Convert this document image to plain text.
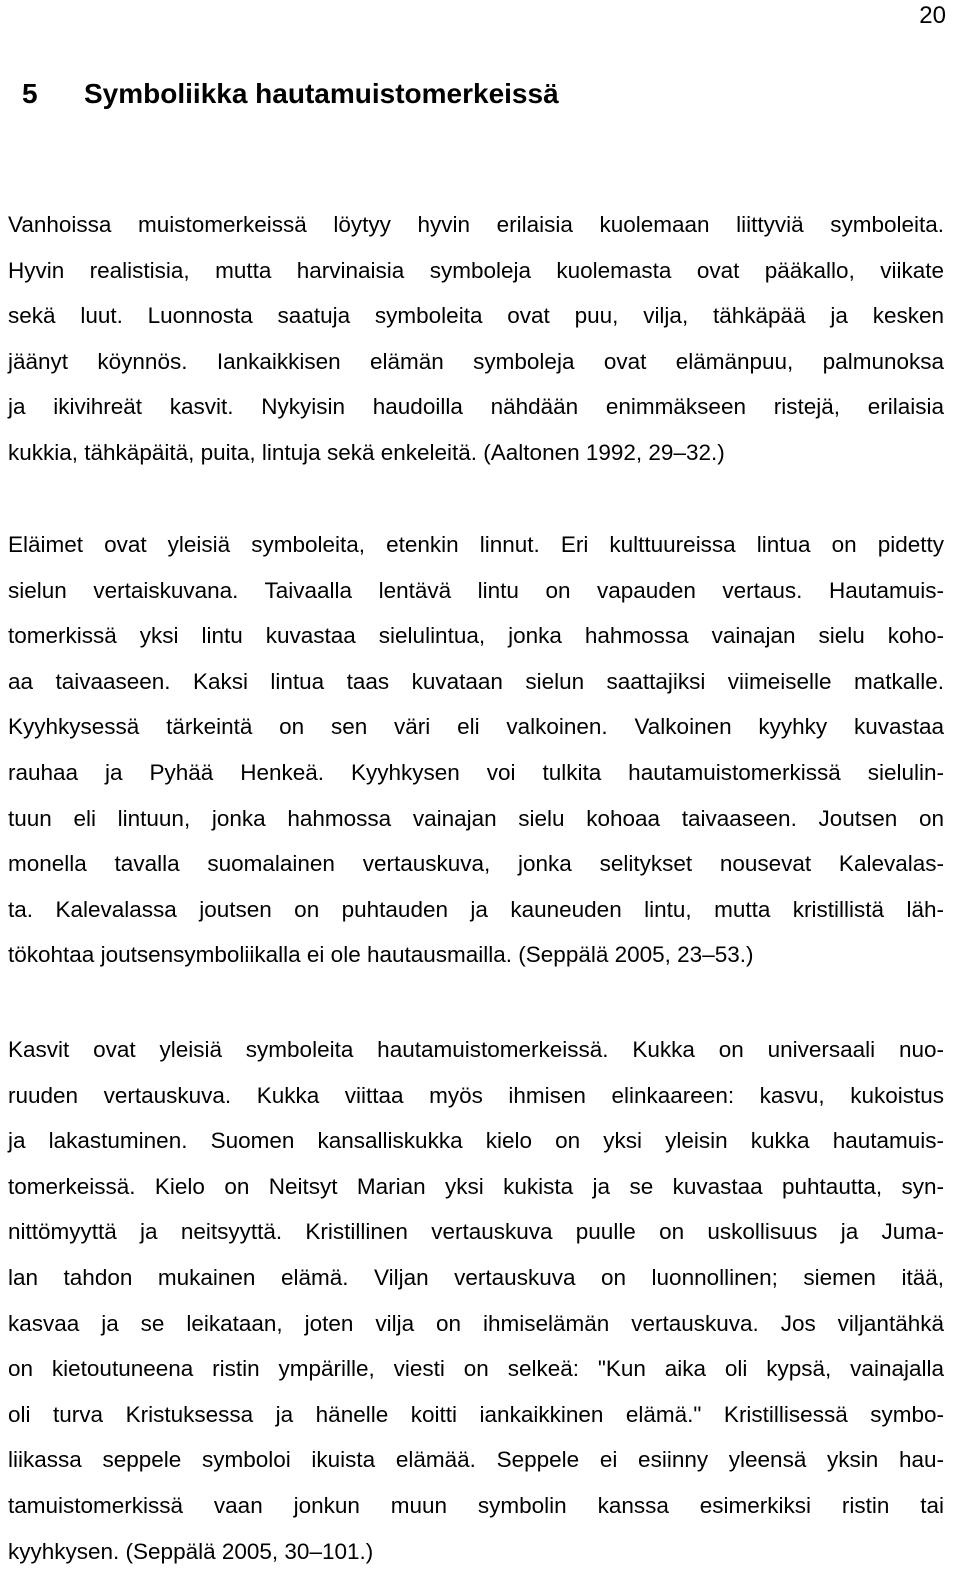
20
5 Symboliikka hautamuistomerkeissä
Vanhoissa muistomerkeissä löytyy hyvin erilaisia kuolemaan liittyviä symboleita.
Hyvin realistisia, mutta harvinaisia symboleja kuolemasta ovat pääkallo, viikate
sekä luut. Luonnosta saatuja symboleita ovat puu, vilja, tähkäpää ja kesken
jäänyt köynnös. Iankaikkisen elämän symboleja ovat elämänpuu, palmunoksa
ja ikivihreät kasvit. Nykyisin haudoilla nähdään enimmäkseen ristejä, erilaisia
kukkia, tähkäpäitä, puita, lintuja sekä enkeleitä. (Aaltonen 1992, 29–32.)
Eläimet ovat yleisiä symboleita, etenkin linnut. Eri kulttuureissa lintua on pidetty
sielun vertaiskuvana. Taivaalla lentävä lintu on vapauden vertaus. Hautamuis-
tomerkissä yksi lintu kuvastaa sielulintua, jonka hahmossa vainajan sielu koho-
aa taivaaseen. Kaksi lintua taas kuvataan sielun saattajiksi viimeiselle matkalle.
Kyyhkysessä tärkeintä on sen väri eli valkoinen. Valkoinen kyyhky kuvastaa
rauhaa ja Pyhää Henkeä. Kyyhkysen voi tulkita hautamuistomerkissä sielulin-
tuun eli lintuun, jonka hahmossa vainajan sielu kohoaa taivaaseen. Joutsen on
monella tavalla suomalainen vertauskuva, jonka selitykset nousevat Kalevalas-
ta. Kalevalassa joutsen on puhtauden ja kauneuden lintu, mutta kristillistä läh-
tökohtaa joutsensymboliikalla ei ole hautausmailla. (Seppälä 2005, 23–53.)
Kasvit ovat yleisiä symboleita hautamuistomerkeissä. Kukka on universaali nuo-
ruuden vertauskuva. Kukka viittaa myös ihmisen elinkaareen: kasvu, kukoistus
ja lakastuminen. Suomen kansalliskukka kielo on yksi yleisin kukka hautamuis-
tomerkeissä. Kielo on Neitsyt Marian yksi kukista ja se kuvastaa puhtautta, syn-
nittömyyttä ja neitsyyttä. Kristillinen vertauskuva puulle on uskollisuus ja Juma-
lan tahdon mukainen elämä. Viljan vertauskuva on luonnollinen; siemen itää,
kasvaa ja se leikataan, joten vilja on ihmiselämän vertauskuva. Jos viljantähkä
on kietoutuneena ristin ympärille, viesti on selkeä: "Kun aika oli kypsä, vainajalla
oli turva Kristuksessa ja hänelle koitti iankaikkinen elämä." Kristillisessä symbo-
liikassa seppele symboloi ikuista elämää. Seppele ei esiinny yleensä yksin hau-
tamuistomerkissä vaan jonkun muun symbolin kanssa esimerkiksi ristin tai
kyyhkysen. (Seppälä 2005, 30–101.)
